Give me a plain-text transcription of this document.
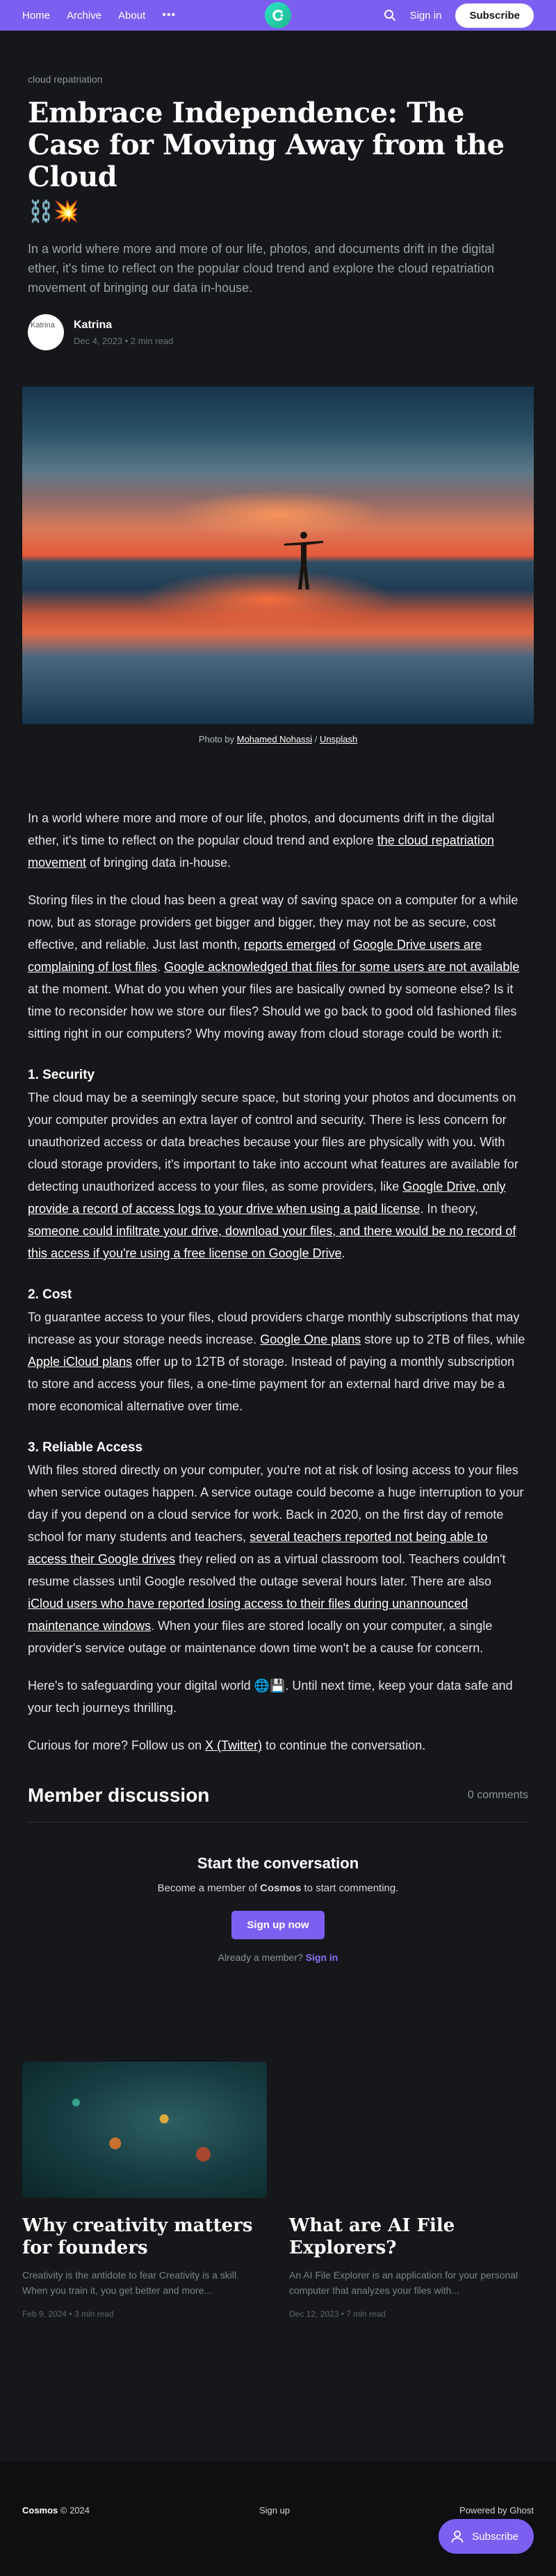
Home Archive About •••	Sign in	Subscribe
cloud repatriation
Embrace Independence: The Case for Moving Away from the Cloud
⛓️💥

In a world where more and more of our life, photos, and documents drift in the digital ether, it's time to reflect on the popular cloud trend and explore the cloud repatriation movement of bringing our data in-house.

Katrina	Katrina
Dec 4, 2023 • 2 min read
Photo by Mohamed Nohassi / Unsplash

In a world where more and more of our life, photos, and documents drift in the digital ether, it's time to reflect on the popular cloud trend and explore the cloud repatriation movement of bringing data in-house.

Storing files in the cloud has been a great way of saving space on a computer for a while now, but as storage providers get bigger and bigger, they may not be as secure, cost effective, and reliable. Just last month, reports emerged of Google Drive users are complaining of lost files. Google acknowledged that files for some users are not available at the moment. What do you when your files are basically owned by someone else? Is it time to reconsider how we store our files? Should we go back to good old fashioned files sitting right in our computers? Why moving away from cloud storage could be worth it:

1. Security

The cloud may be a seemingly secure space, but storing your photos and documents on your computer provides an extra layer of control and security. There is less concern for unauthorized access or data breaches because your files are physically with you. With cloud storage providers, it's important to take into account what features are available for detecting unauthorized access to your files, as some providers, like Google Drive, only provide a record of access logs to your drive when using a paid license. In theory, someone could infiltrate your drive, download your files, and there would be no record of this access if you're using a free license on Google Drive.

2. Cost

To guarantee access to your files, cloud providers charge monthly subscriptions that may increase as your storage needs increase. Google One plans store up to 2TB of files, while Apple iCloud plans offer up to 12TB of storage. Instead of paying a monthly subscription to store and access your files, a one-time payment for an external hard drive may be a more economical alternative over time.

3. Reliable Access

With files stored directly on your computer, you're not at risk of losing access to your files when service outages happen. A service outage could become a huge interruption to your day if you depend on a cloud service for work. Back in 2020, on the first day of remote school for many students and teachers, several teachers reported not being able to access their Google drives they relied on as a virtual classroom tool. Teachers couldn't resume classes until Google resolved the outage several hours later. There are also iCloud users who have reported losing access to their files during unannounced maintenance windows. When your files are stored locally on your computer, a single provider's service outage or maintenance down time won't be a cause for concern.

Here's to safeguarding your digital world 🌐💾. Until next time, keep your data safe and your tech journeys thrilling.

Curious for more? Follow us on X (Twitter) to continue the conversation.

Member discussion	0 comments
Start the conversation
Become a member of Cosmos to start commenting.
Sign up now
Already a member? Sign in
Why creativity matters for founders

Creativity is the antidote to fear Creativity is a skill. When you train it, you get better and more...

Feb 9, 2024 • 3 min read
What are AI File Explorers?

An AI File Explorer is an application for your personal computer that analyzes your files with...

Dec 12, 2023 • 7 min read
Cosmos © 2024	Sign up	Powered by Ghost
Subscribe
